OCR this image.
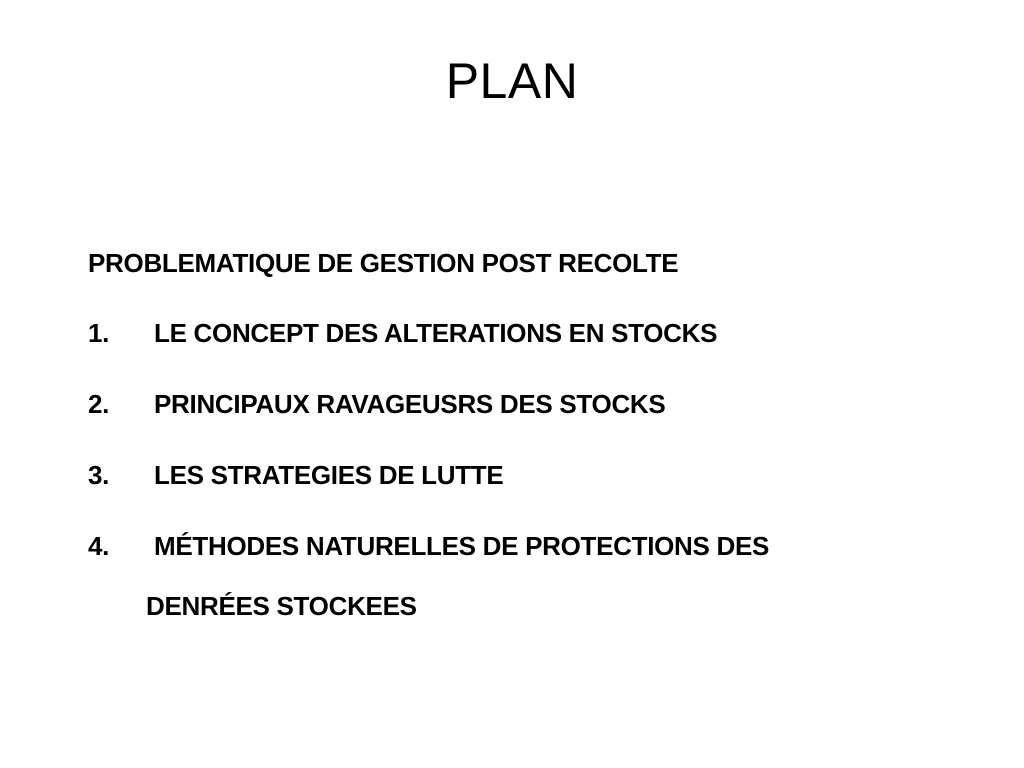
PLAN

PROBLEMATIQUE DE GESTION POST RECOLTE

1.	LE CONCEPT DES ALTERATIONS EN STOCKS
2.	PRINCIPAUX RAVAGEUSRS DES STOCKS
3.	LES STRATEGIES DE LUTTE
4.	MÉTHODES NATURELLES DE PROTECTIONS DES

DENRÉES STOCKEES
